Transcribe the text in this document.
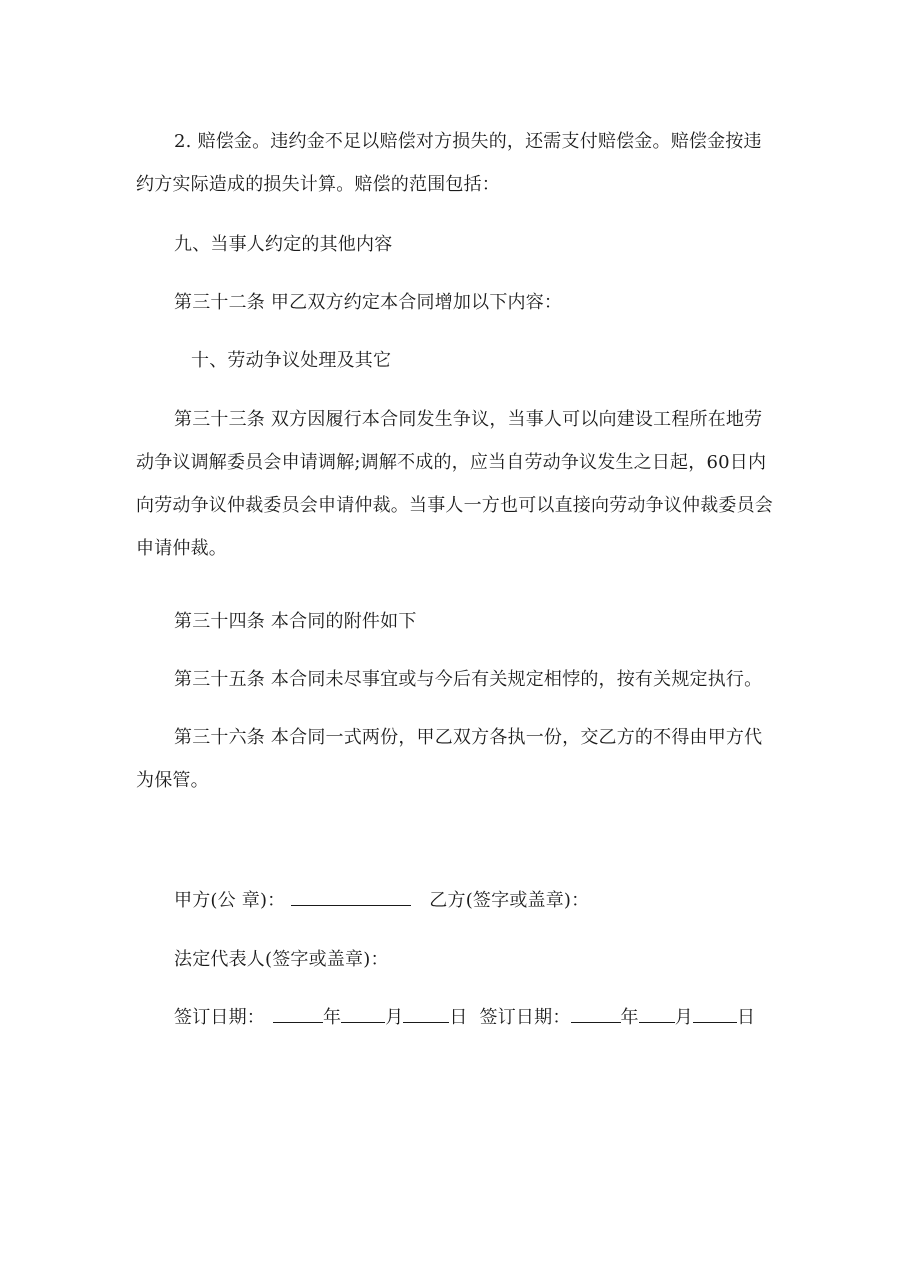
2. 赔偿金。违约金不足以赔偿对方损失的，还需支付赔偿金。赔偿金按违约方实际造成的损失计算。赔偿的范围包括：

九、当事人约定的其他内容

第三十二条 甲乙双方约定本合同增加以下内容：

十、劳动争议处理及其它

第三十三条 双方因履行本合同发生争议，当事人可以向建设工程所在地劳动争议调解委员会申请调解;调解不成的，应当自劳动争议发生之日起，60日内向劳动争议仲裁委员会申请仲裁。当事人一方也可以直接向劳动争议仲裁委员会申请仲裁。

第三十四条 本合同的附件如下

第三十五条 本合同未尽事宜或与今后有关规定相悖的，按有关规定执行。

第三十六条 本合同一式两份，甲乙双方各执一份，交乙方的不得由甲方代为保管。

甲方(公 章)：	乙方(签字或盖章)：
法定代表人(签字或盖章)：
签订日期：	年 月	日 签订日期：	年 月 日
